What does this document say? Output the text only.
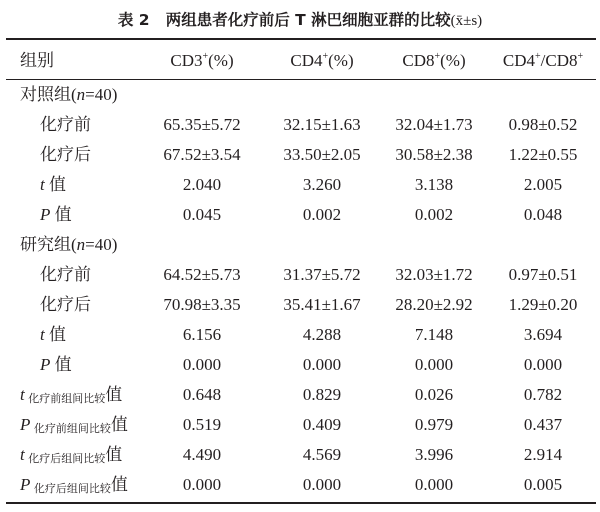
表 2 两组患者化疗前后 T 淋巴细胞亚群的比较(x̄±s)
组别	CD3+(%)	CD4+(%)	CD8+(%)	CD4+/CD8+
对照组(n=40)
化疗前	65.35±5.72	32.15±1.63	32.04±1.73	0.98±0.52
化疗后	67.52±3.54	33.50±2.05	30.58±2.38	1.22±0.55
t 值	2.040	3.260	3.138	2.005
P 值	0.045	0.002	0.002	0.048
研究组(n=40)
化疗前	64.52±5.73	31.37±5.72	32.03±1.72	0.97±0.51
化疗后	70.98±3.35	35.41±1.67	28.20±2.92	1.29±0.20
t 值	6.156	4.288	7.148	3.694
P 值	0.000	0.000	0.000	0.000
t 化疗前组间比较值	0.648	0.829	0.026	0.782
P 化疗前组间比较值	0.519	0.409	0.979	0.437
t 化疗后组间比较值	4.490	4.569	3.996	2.914
P 化疗后组间比较值	0.000	0.000	0.000	0.005
